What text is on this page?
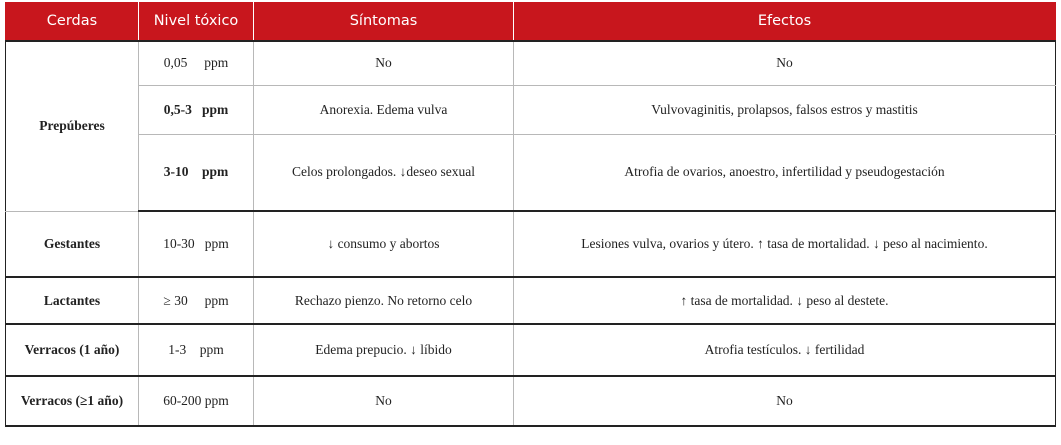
Cerdas	Nivel tóxico	Síntomas	Efectos
Prepúberes	0,05     ppm	No	No
	0,5-3   ppm	Anorexia. Edema vulva	Vulvovaginitis, prolapsos, falsos estros y mastitis
	3-10    ppm	Celos prolongados. ↓deseo sexual	Atrofia de ovarios, anoestro, infertilidad y pseudogestación
Gestantes	10-30   ppm	↓ consumo y abortos	Lesiones vulva, ovarios y útero. ↑ tasa de mortalidad. ↓ peso al nacimiento.
Lactantes	≥ 30     ppm	Rechazo pienzo. No retorno celo	↑ tasa de mortalidad. ↓ peso al destete.
Verracos (1 año)	1-3    ppm	Edema prepucio. ↓ líbido	Atrofia testículos. ↓ fertilidad
Verracos (≥1 año)	60-200 ppm	No	No
